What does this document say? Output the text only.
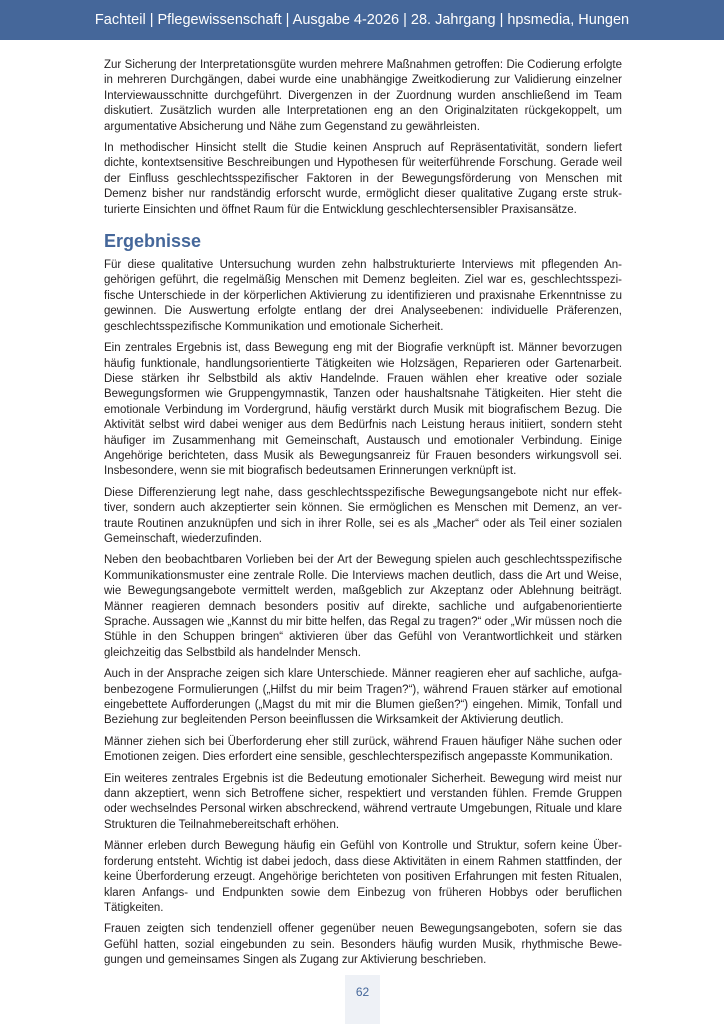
Fachteil | Pflegewissenschaft | Ausgabe 4-2026 | 28. Jahrgang | hpsmedia, Hungen

Zur Sicherung der Interpretationsgüte wurden mehrere Maßnahmen getroffen: Die Codierung erfolgte in mehreren Durchgängen, dabei wurde eine unabhängige Zweitkodierung zur Validierung einzelner Interviewausschnitte durchgeführt. Divergenzen in der Zuordnung wurden anschließend im Team diskutiert. Zusätzlich wurden alle Interpretationen eng an den Originalzitaten rückgekoppelt, um argumentative Absicherung und Nähe zum Gegenstand zu gewährleisten.

In methodischer Hinsicht stellt die Studie keinen Anspruch auf Repräsentativität, sondern liefert dichte, kontextsensitive Beschreibungen und Hypothesen für weiterführende Forschung. Gerade weil der Einfluss geschlechtsspezifischer Faktoren in der Bewegungsförderung von Menschen mit Demenz bisher nur randständig erforscht wurde, ermöglicht dieser qualitative Zugang erste strukturierte Einsichten und öffnet Raum für die Entwicklung geschlechtersensibler Praxisansätze.

Ergebnisse

Für diese qualitative Untersuchung wurden zehn halbstrukturierte Interviews mit pflegenden Angehörigen geführt, die regelmäßig Menschen mit Demenz begleiten. Ziel war es, geschlechtsspezifische Unterschiede in der körperlichen Aktivierung zu identifizieren und praxisnahe Erkenntnisse zu gewinnen. Die Auswertung erfolgte entlang der drei Analyseebenen: individuelle Präferenzen, geschlechtsspezifische Kommunikation und emotionale Sicherheit.

Ein zentrales Ergebnis ist, dass Bewegung eng mit der Biografie verknüpft ist. Männer bevorzugen häufig funktionale, handlungsorientierte Tätigkeiten wie Holzsägen, Reparieren oder Gartenarbeit. Diese stärken ihr Selbstbild als aktiv Handelnde. Frauen wählen eher kreative oder soziale Bewegungsformen wie Gruppengymnastik, Tanzen oder haushaltsnahe Tätigkeiten. Hier steht die emotionale Verbindung im Vordergrund, häufig verstärkt durch Musik mit biografischem Bezug. Die Aktivität selbst wird dabei weniger aus dem Bedürfnis nach Leistung heraus initiiert, sondern steht häufiger im Zusammenhang mit Gemeinschaft, Austausch und emotionaler Verbindung. Einige Angehörige berichteten, dass Musik als Bewegungsanreiz für Frauen besonders wirkungsvoll sei. Insbesondere, wenn sie mit biografisch bedeutsamen Erinnerungen verknüpft ist.

Diese Differenzierung legt nahe, dass geschlechtsspezifische Bewegungsangebote nicht nur effektiver, sondern auch akzeptierter sein können. Sie ermöglichen es Menschen mit Demenz, an vertraute Routinen anzuknüpfen und sich in ihrer Rolle, sei es als „Macher“ oder als Teil einer sozialen Gemeinschaft, wiederzufinden.

Neben den beobachtbaren Vorlieben bei der Art der Bewegung spielen auch geschlechtsspezifische Kommunikationsmuster eine zentrale Rolle. Die Interviews machen deutlich, dass die Art und Weise, wie Bewegungsangebote vermittelt werden, maßgeblich zur Akzeptanz oder Ablehnung beiträgt. Männer reagieren demnach besonders positiv auf direkte, sachliche und aufgabenorientierte Sprache. Aussagen wie „Kannst du mir bitte helfen, das Regal zu tragen?“ oder „Wir müssen noch die Stühle in den Schuppen bringen“ aktivieren über das Gefühl von Verantwortlichkeit und stärken gleichzeitig das Selbstbild als handelnder Mensch.

Auch in der Ansprache zeigen sich klare Unterschiede. Männer reagieren eher auf sachliche, aufgabenbezogene Formulierungen („Hilfst du mir beim Tragen?“), während Frauen stärker auf emotional eingebettete Aufforderungen („Magst du mit mir die Blumen gießen?“) eingehen. Mimik, Tonfall und Beziehung zur begleitenden Person beeinflussen die Wirksamkeit der Aktivierung deutlich.

Männer ziehen sich bei Überforderung eher still zurück, während Frauen häufiger Nähe suchen oder Emotionen zeigen. Dies erfordert eine sensible, geschlechterspezifisch angepasste Kommunikation.

Ein weiteres zentrales Ergebnis ist die Bedeutung emotionaler Sicherheit. Bewegung wird meist nur dann akzeptiert, wenn sich Betroffene sicher, respektiert und verstanden fühlen. Fremde Gruppen oder wechselndes Personal wirken abschreckend, während vertraute Umgebungen, Rituale und klare Strukturen die Teilnahmebereitschaft erhöhen.

Männer erleben durch Bewegung häufig ein Gefühl von Kontrolle und Struktur, sofern keine Überforderung entsteht. Wichtig ist dabei jedoch, dass diese Aktivitäten in einem Rahmen stattfinden, der keine Überforderung erzeugt. Angehörige berichteten von positiven Erfahrungen mit festen Ritualen, klaren Anfangs- und Endpunkten sowie dem Einbezug von früheren Hobbys oder beruflichen Tätigkeiten.

Frauen zeigten sich tendenziell offener gegenüber neuen Bewegungsangeboten, sofern sie das Gefühl hatten, sozial eingebunden zu sein. Besonders häufig wurden Musik, rhythmische Bewegungen und gemeinsames Singen als Zugang zur Aktivierung beschrieben.

62
